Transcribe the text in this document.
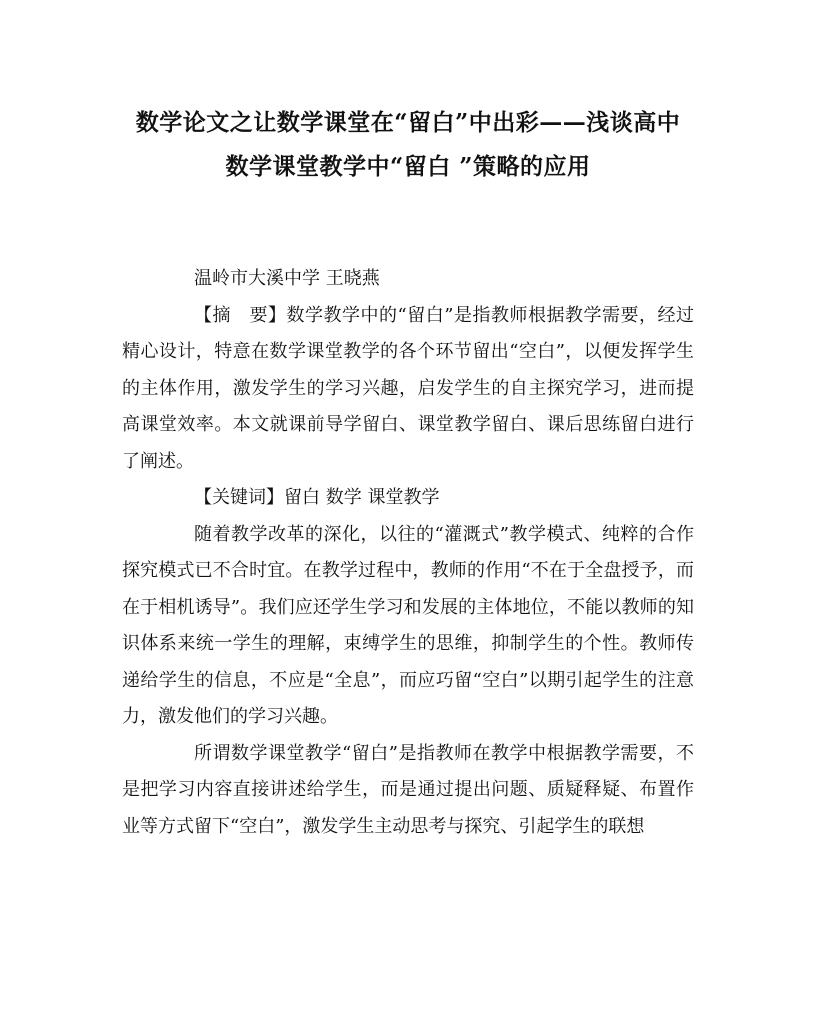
数学论文之让数学课堂在“留白”中出彩——浅谈高中
数学课堂教学中“留白 ”策略的应用

温岭市大溪中学 王晓燕

【摘　要】数学教学中的“留白”是指教师根据教学需要，经过精心设计，特意在数学课堂教学的各个环节留出“空白”，以便发挥学生的主体作用，激发学生的学习兴趣，启发学生的自主探究学习，进而提高课堂效率。本文就课前导学留白、课堂教学留白、课后思练留白进行了阐述。

【关键词】留白 数学 课堂教学

随着教学改革的深化，以往的“灌溉式”教学模式、纯粹的合作探究模式已不合时宜。在教学过程中，教师的作用“不在于全盘授予，而在于相机诱导”。我们应还学生学习和发展的主体地位，不能以教师的知识体系来统一学生的理解，束缚学生的思维，抑制学生的个性。教师传递给学生的信息，不应是“全息”，而应巧留“空白”以期引起学生的注意力，激发他们的学习兴趣。

所谓数学课堂教学“留白”是指教师在教学中根据教学需要，不是把学习内容直接讲述给学生，而是通过提出问题、质疑释疑、布置作业等方式留下“空白”，激发学生主动思考与探究、引起学生的联想
